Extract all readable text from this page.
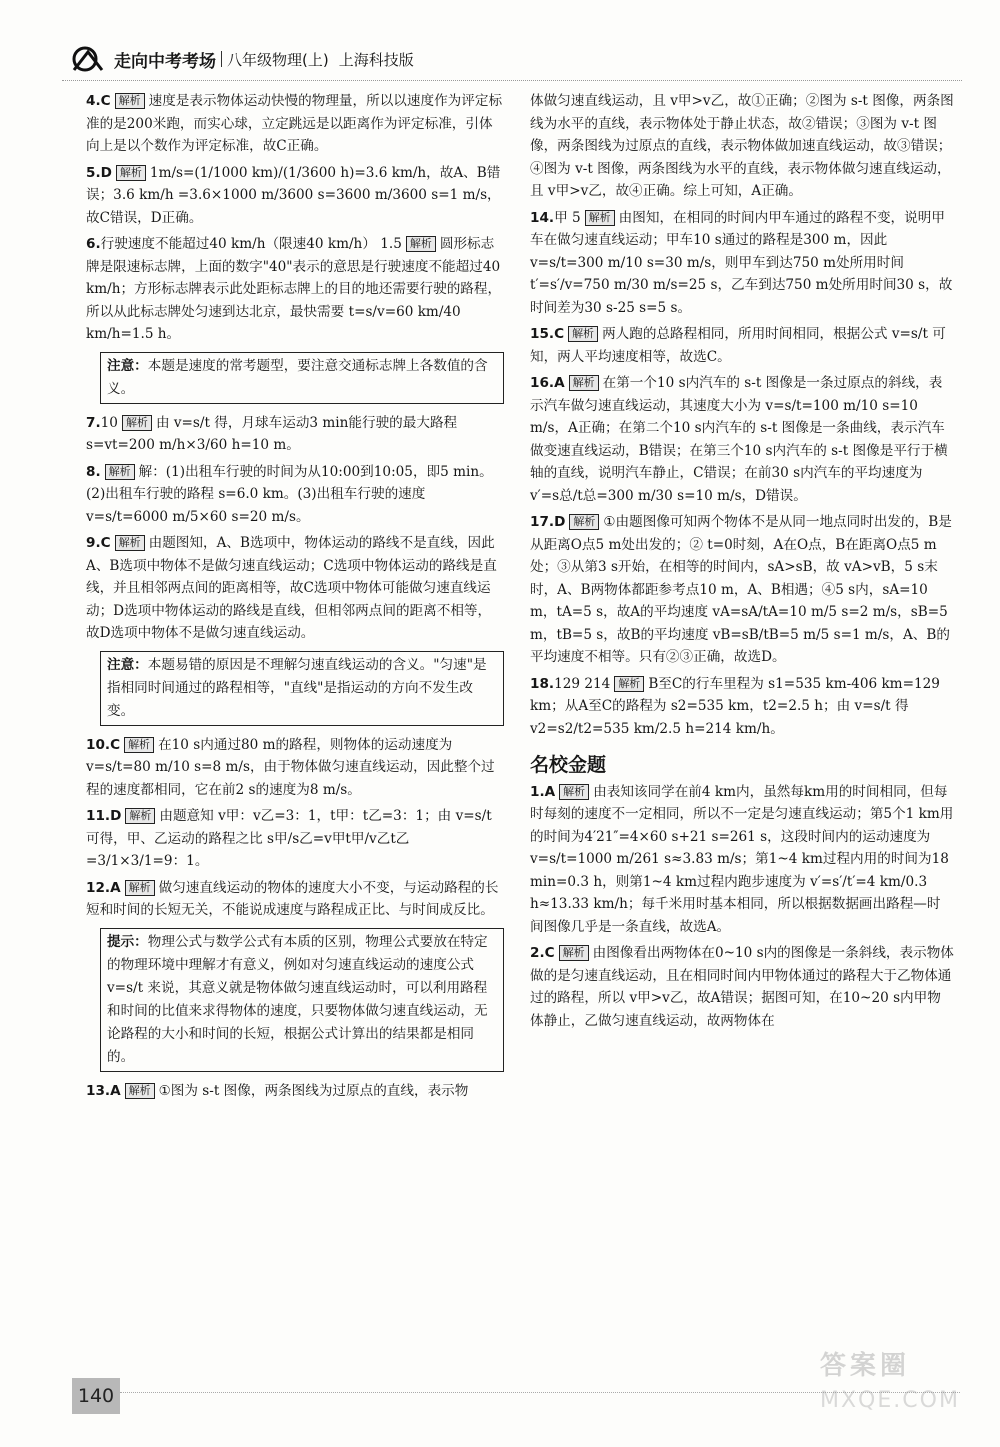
走向中考考场 八年级物理(上) 上海科技版
4.C 解析 速度是表示物体运动快慢的物理量，所以以速度作为评定标准的是200米跑，而实心球，立定跳远是以距离作为评定标准，引体向上是以个数作为评定标准，故C正确。
5.D 解析 1m/s=(1/1000 km)/(1/3600 h)=3.6 km/h，故A、B错误；3.6 km/h =3.6×1000 m/3600 s=3600 m/3600 s=1 m/s，故C错误，D正确。
6.行驶速度不能超过40 km/h（限速40 km/h） 1.5 解析 圆形标志牌是限速标志牌，上面的数字"40"表示的意思是行驶速度不能超过40 km/h；方形标志牌表示此处距标志牌上的目的地还需要行驶的路程，所以从此标志牌处匀速到达北京，最快需要 t=s/v=60 km/40 km/h=1.5 h。
注意：本题是速度的常考题型，要注意交通标志牌上各数值的含义。
7.10 解析 由 v=s/t 得，月球车运动3 min能行驶的最大路程 s=vt=200 m/h×3/60 h=10 m。
8. 解析 解：(1)出租车行驶的时间为从10:00到10:05，即5 min。(2)出租车行驶的路程 s=6.0 km。(3)出租车行驶的速度 v=s/t=6000 m/5×60 s=20 m/s。
9.C 解析 由题图知，A、B选项中，物体运动的路线不是直线，因此A、B选项中物体不是做匀速直线运动；C选项中物体运动的路线是直线，并且相邻两点间的距离相等，故C选项中物体可能做匀速直线运动；D选项中物体运动的路线是直线，但相邻两点间的距离不相等，故D选项中物体不是做匀速直线运动。
注意：本题易错的原因是不理解匀速直线运动的含义。"匀速"是指相同时间通过的路程相等，"直线"是指运动的方向不发生改变。
10.C 解析 在10 s内通过80 m的路程，则物体的运动速度为 v=s/t=80 m/10 s=8 m/s，由于物体做匀速直线运动，因此整个过程的速度都相同，它在前2 s的速度为8 m/s。
11.D 解析 由题意知 v甲：v乙=3：1，t甲：t乙=3：1；由 v=s/t 可得，甲、乙运动的路程之比 s甲/s乙=v甲t甲/v乙t乙=3/1×3/1=9：1。
12.A 解析 做匀速直线运动的物体的速度大小不变，与运动路程的长短和时间的长短无关，不能说成速度与路程成正比、与时间成反比。
提示：物理公式与数学公式有本质的区别，物理公式要放在特定的物理环境中理解才有意义，例如对匀速直线运动的速度公式 v=s/t 来说，其意义就是物体做匀速直线运动时，可以利用路程和时间的比值来求得物体的速度，只要物体做匀速直线运动，无论路程的大小和时间的长短，根据公式计算出的结果都是相同的。
13.A 解析 ①图为 s-t 图像，两条图线为过原点的直线，表示物
体做匀速直线运动，且 v甲>v乙，故①正确；②图为 s-t 图像，两条图线为水平的直线，表示物体处于静止状态，故②错误；③图为 v-t 图像，两条图线为过原点的直线，表示物体做加速直线运动，故③错误；④图为 v-t 图像，两条图线为水平的直线，表示物体做匀速直线运动，且 v甲>v乙，故④正确。综上可知，A正确。
14.甲 5 解析 由图知，在相同的时间内甲车通过的路程不变，说明甲车在做匀速直线运动；甲车10 s通过的路程是300 m，因此 v=s/t=300 m/10 s=30 m/s，则甲车到达750 m处所用时间 t′=s′/v=750 m/30 m/s=25 s，乙车到达750 m处所用时间30 s，故时间差为30 s-25 s=5 s。
15.C 解析 两人跑的总路程相同，所用时间相同，根据公式 v=s/t 可知，两人平均速度相等，故选C。
16.A 解析 在第一个10 s内汽车的 s-t 图像是一条过原点的斜线，表示汽车做匀速直线运动，其速度大小为 v=s/t=100 m/10 s=10 m/s，A正确；在第二个10 s内汽车的 s-t 图像是一条曲线，表示汽车做变速直线运动，B错误；在第三个10 s内汽车的 s-t 图像是平行于横轴的直线，说明汽车静止，C错误；在前30 s内汽车的平均速度为 v′=s总/t总=300 m/30 s=10 m/s，D错误。
17.D 解析 ①由题图像可知两个物体不是从同一地点同时出发的，B是从距离O点5 m处出发的；② t=0时刻，A在O点，B在距离O点5 m处；③从第3 s开始，在相等的时间内，sA>sB，故 vA>vB，5 s末时，A、B两物体都距参考点10 m，A、B相遇；④5 s内，sA=10 m，tA=5 s，故A的平均速度 vA=sA/tA=10 m/5 s=2 m/s，sB=5 m，tB=5 s，故B的平均速度 vB=sB/tB=5 m/5 s=1 m/s，A、B的平均速度不相等。只有②③正确，故选D。
18.129 214 解析 B至C的行车里程为 s1=535 km-406 km=129 km；从A至C的路程为 s2=535 km，t2=2.5 h；由 v=s/t 得 v2=s2/t2=535 km/2.5 h=214 km/h。
名校金题
1.A 解析 由表知该同学在前4 km内，虽然每km用的时间相同，但每时每刻的速度不一定相同，所以不一定是匀速直线运动；第5个1 km用的时间为4′21″=4×60 s+21 s=261 s，这段时间内的运动速度为 v=s/t=1000 m/261 s≈3.83 m/s；第1~4 km过程内用的时间为18 min=0.3 h，则第1~4 km过程内跑步速度为 v′=s′/t′=4 km/0.3 h≈13.33 km/h；每千米用时基本相同，所以根据数据画出路程—时间图像几乎是一条直线，故选A。
2.C 解析 由图像看出两物体在0~10 s内的图像是一条斜线，表示物体做的是匀速直线运动，且在相同时间内甲物体通过的路程大于乙物体通过的路程，所以 v甲>v乙，故A错误；据图可知，在10~20 s内甲物体静止，乙做匀速直线运动，故两物体在
140
答案圈
MXQE.COM
